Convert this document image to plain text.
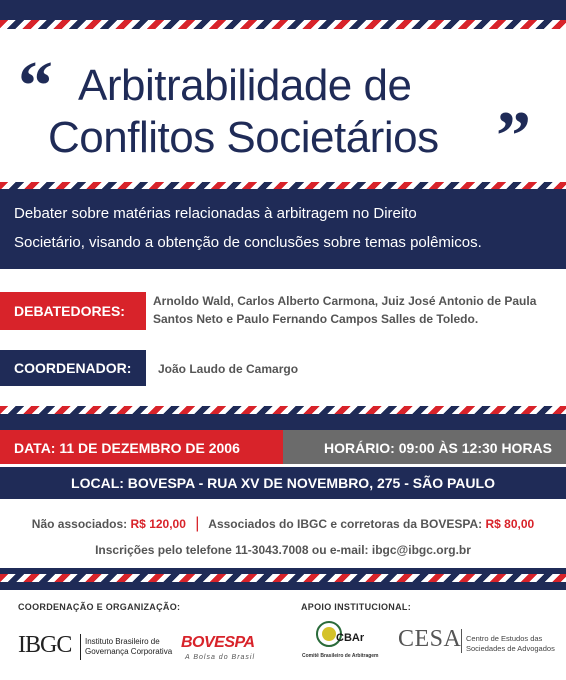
“ Arbitrabilidade de
Conflitos Societários ”
Debater sobre matérias relacionadas à arbitragem no Direito
Societário, visando a obtenção de conclusões sobre temas polêmicos.
DEBATEDORES:
Arnoldo Wald, Carlos Alberto Carmona, Juiz José Antonio de Paula
Santos Neto e Paulo Fernando Campos Salles de Toledo.
COORDENADOR: João Laudo de Camargo
DATA: 11 DE DEZEMBRO DE 2006	HORÁRIO: 09:00 ÀS 12:30 HORAS
LOCAL: BOVESPA - RUA XV DE NOVEMBRO, 275 - SÃO PAULO
Não associados: R$ 120,00 | Associados do IBGC e corretoras da BOVESPA: R$ 80,00
Inscrições pelo telefone 11-3043.7008 ou e-mail: ibgc@ibgc.org.br
COORDENAÇÃO E ORGANIZAÇÃO:	APOIO INSTITUCIONAL:
IBGC Instituto Brasileiro de
Governança Corporativa
BOVESPA
A Bolsa do Brasil
CBAr
Comitê Brasileiro de Arbitragem
CESA Centro de Estudos das
Sociedades de Advogados
